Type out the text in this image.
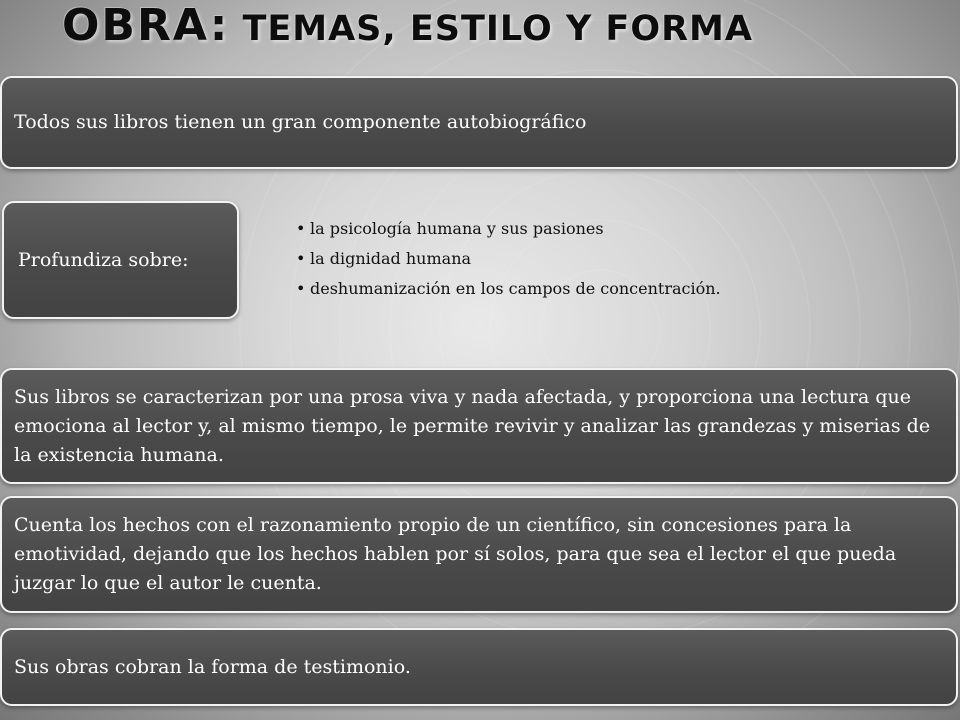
OBRA: TEMAS, ESTILO Y FORMA

Todos sus libros tienen un gran componente autobiográfico

Profundiza sobre:
• la psicología humana y sus pasiones
• la dignidad humana
• deshumanización en los campos de concentración.

Sus libros se caracterizan por una prosa viva y nada afectada, y proporciona una lectura que emociona al lector y, al mismo tiempo, le permite revivir y analizar las grandezas y miserias de la existencia humana.

Cuenta los hechos con el razonamiento propio de un científico, sin concesiones para la emotividad, dejando que los hechos hablen por sí solos, para que sea el lector el que pueda juzgar lo que el autor le cuenta.

Sus obras cobran la forma de testimonio.
